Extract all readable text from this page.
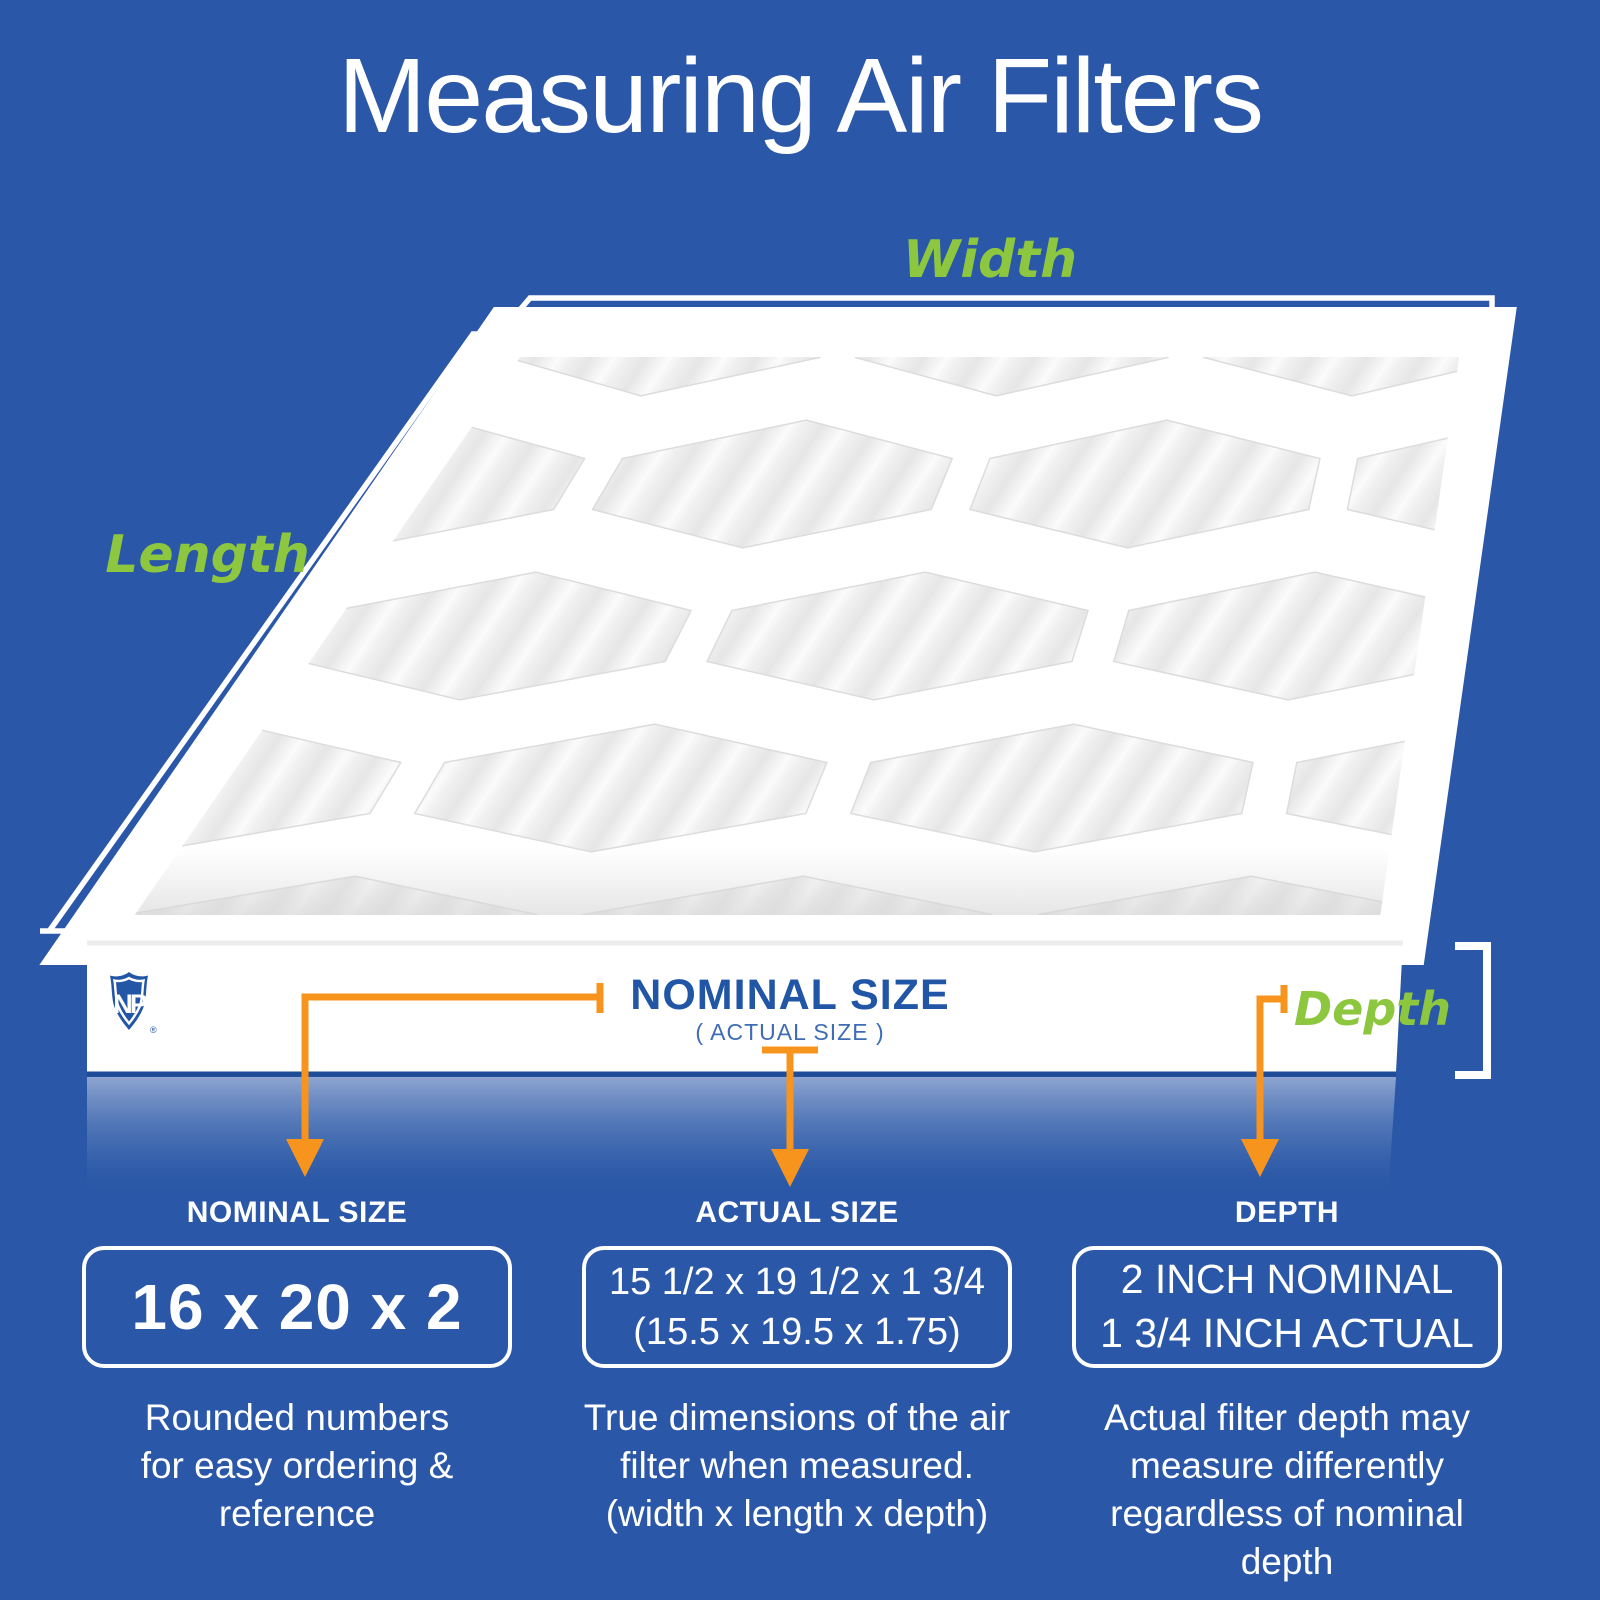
Measuring Air Filters
NP
®
NOMINAL SIZE
( ACTUAL SIZE )
Width
Length
Depth
NOMINAL SIZE
16 x 20 x 2
Rounded numbers
for easy ordering & reference
ACTUAL SIZE
15 1/2 x 19 1/2 x 1 3/4
(15.5 x 19.5 x 1.75)
True dimensions of the air
filter when measured.
(width x length x depth)
DEPTH
2 INCH NOMINAL
1 3/4 INCH ACTUAL
Actual filter depth may
measure differently
regardless of nominal depth
